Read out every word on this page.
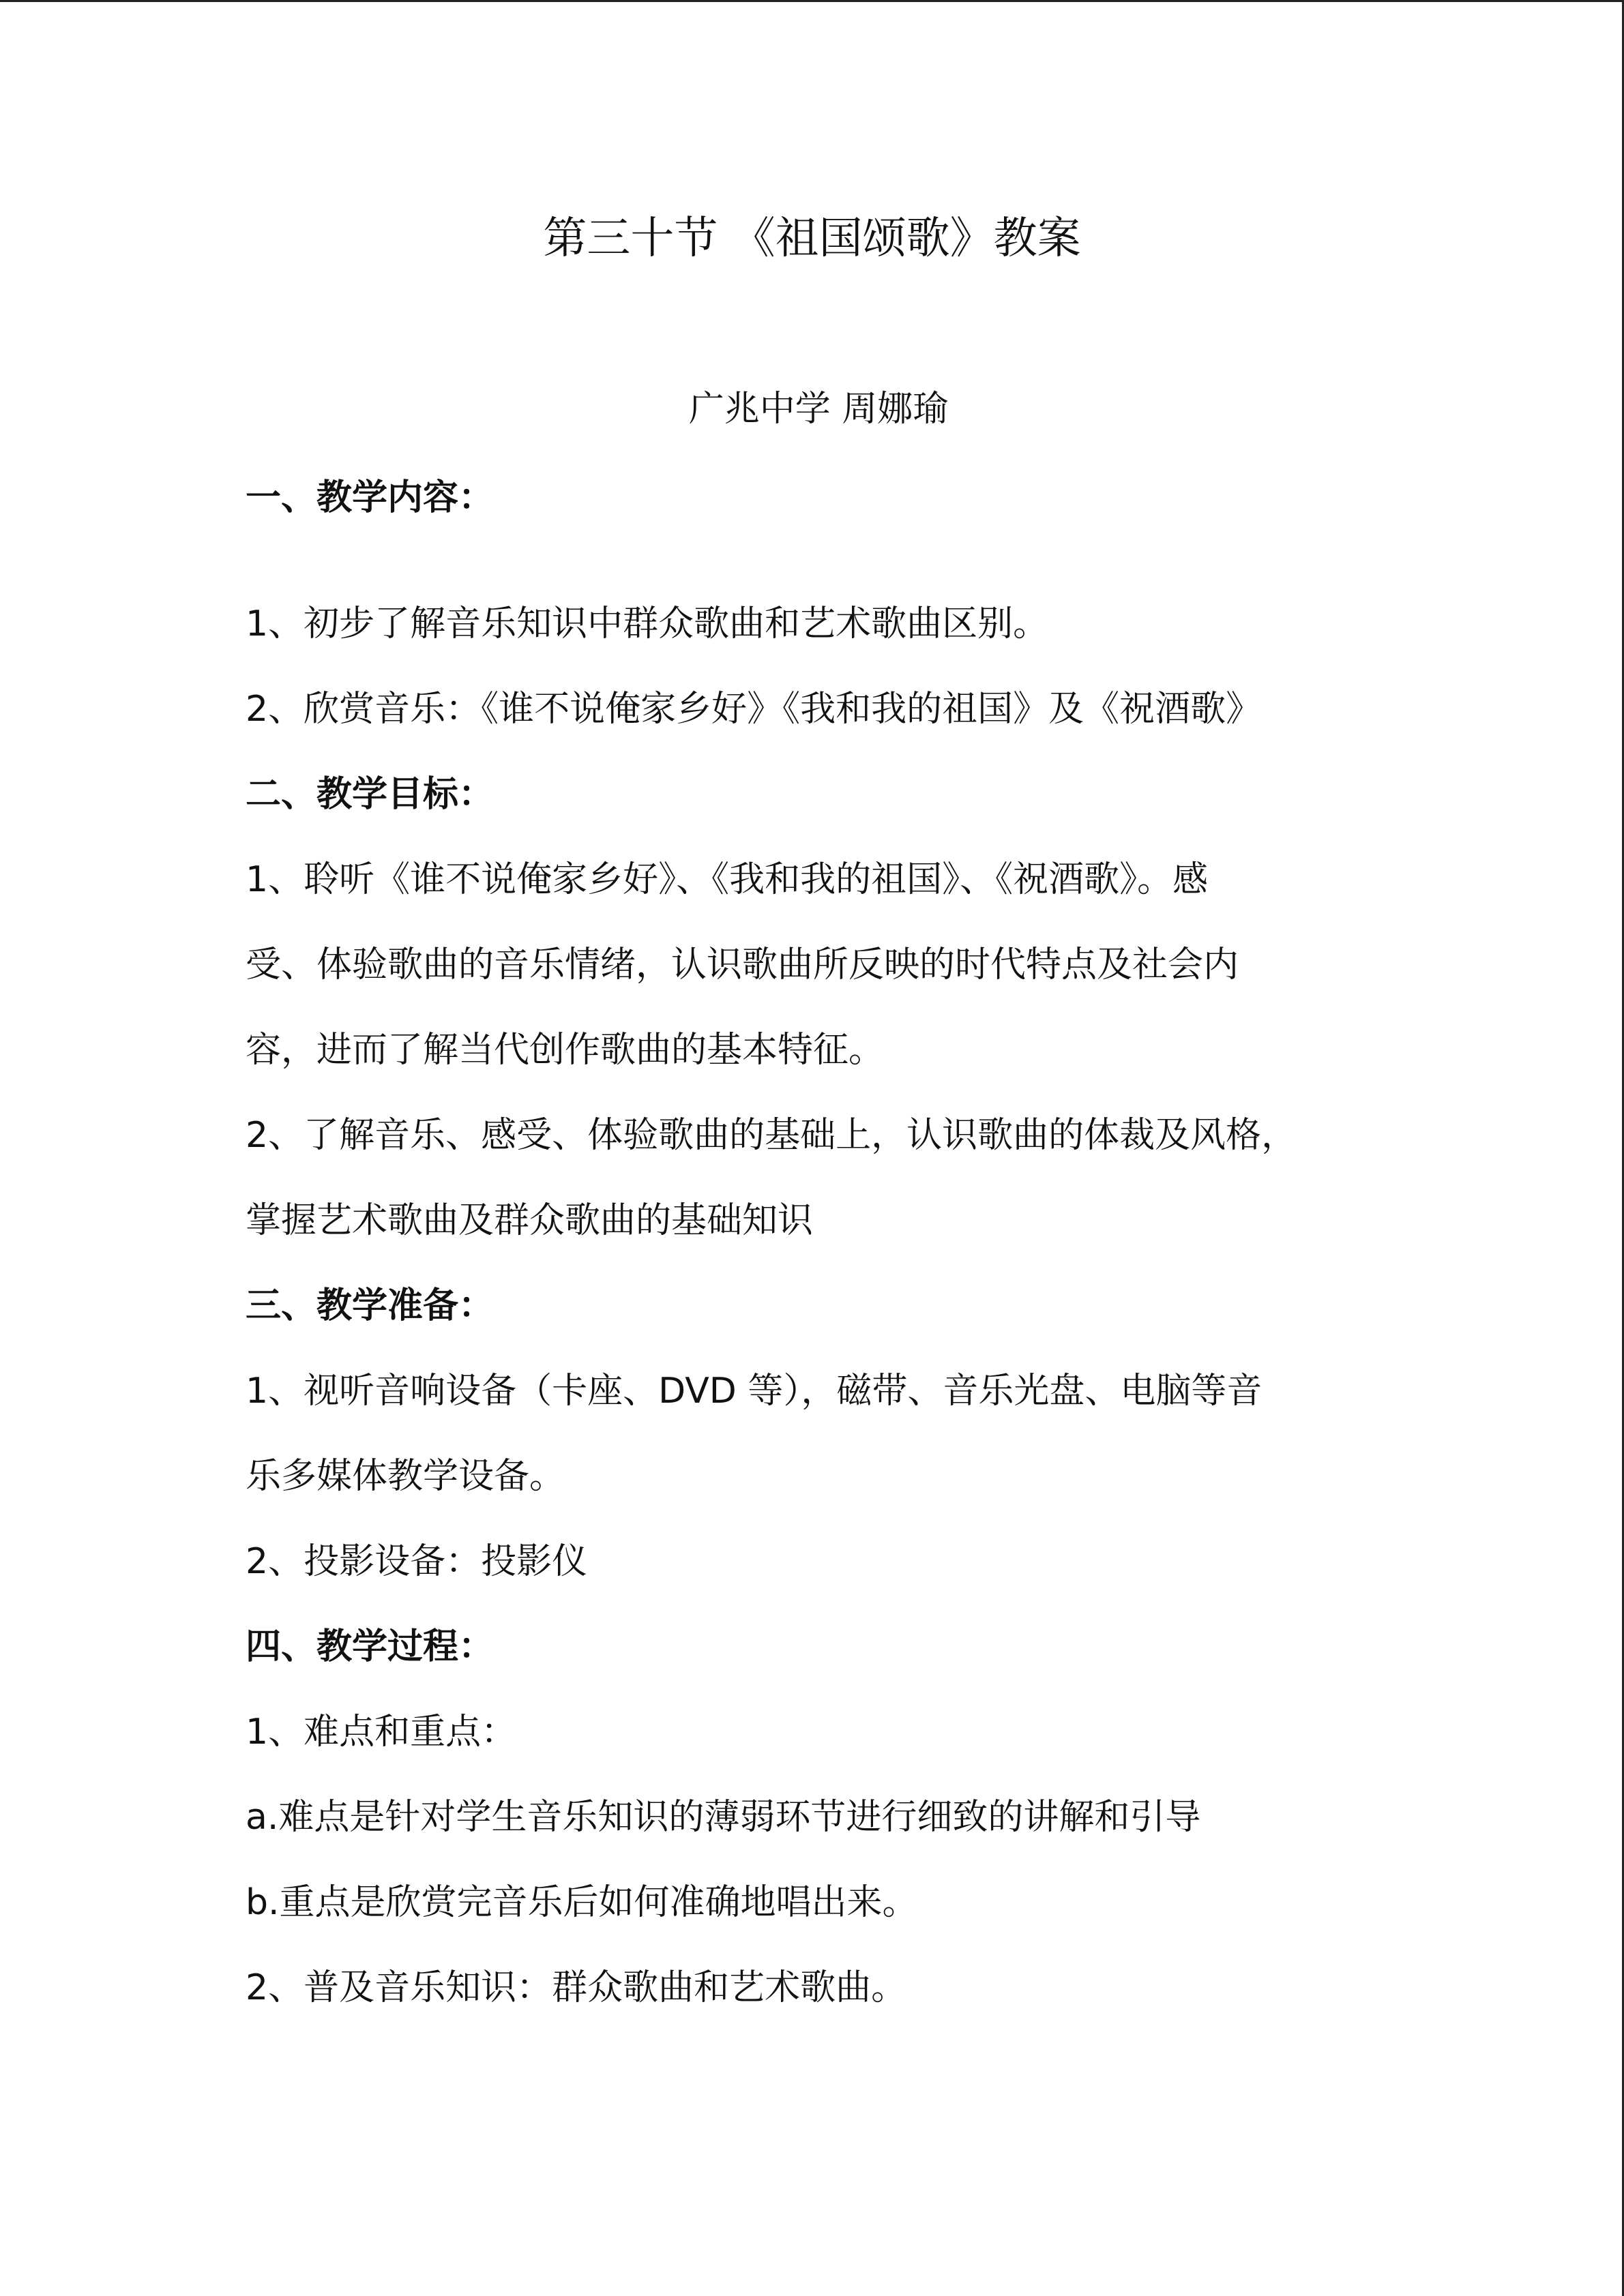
第三十节 《祖国颂歌》教案
广兆中学 周娜瑜
一、教学内容：
1、初步了解音乐知识中群众歌曲和艺术歌曲区别。
2、欣赏音乐：《谁不说俺家乡好》《我和我的祖国》及《祝酒歌》
二、教学目标：
1、聆听《谁不说俺家乡好》、《我和我的祖国》、《祝酒歌》。感
受、体验歌曲的音乐情绪，认识歌曲所反映的时代特点及社会内
容，进而了解当代创作歌曲的基本特征。
2、了解音乐、感受、体验歌曲的基础上，认识歌曲的体裁及风格，
掌握艺术歌曲及群众歌曲的基础知识
三、教学准备：
1、视听音响设备（卡座、DVD 等），磁带、音乐光盘、电脑等音
乐多媒体教学设备。
2、投影设备：投影仪
四、教学过程：
1、难点和重点：
a.难点是针对学生音乐知识的薄弱环节进行细致的讲解和引导
b.重点是欣赏完音乐后如何准确地唱出来。
2、普及音乐知识：群众歌曲和艺术歌曲。
